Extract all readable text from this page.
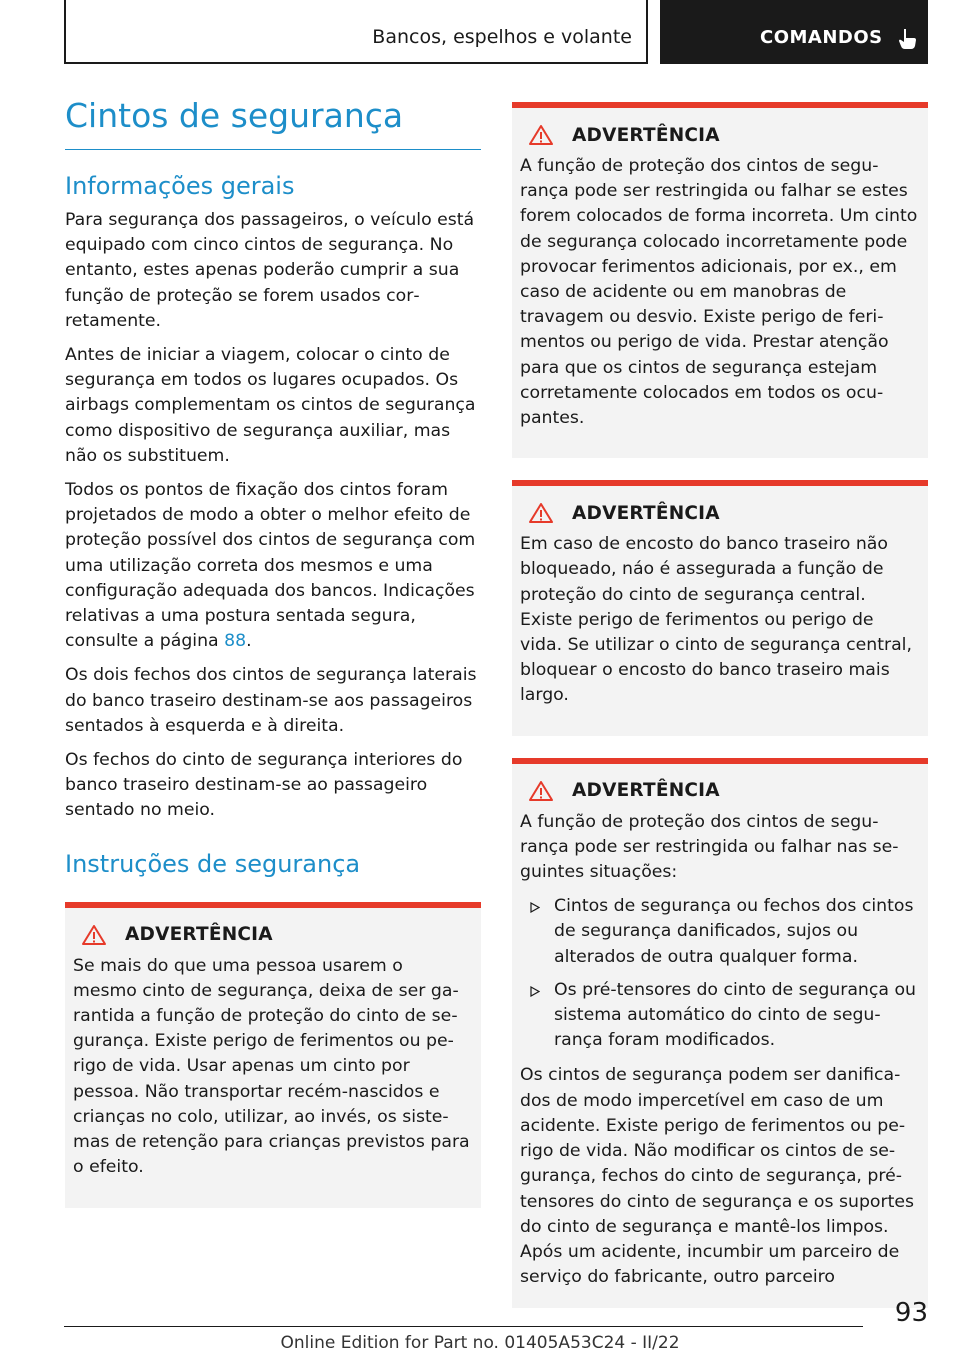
Bancos, espelhos e volante	COMANDOS
Cintos de segurança
Informações gerais

Para segurança dos passageiros, o veículo está equipado com cinco cintos de segurança. No entanto, estes apenas poderão cumprir a sua função de proteção se forem usados corretamente.

Antes de iniciar a viagem, colocar o cinto de segurança em todos os lugares ocupados. Os airbags complementam os cintos de segurança como dispositivo de segurança auxiliar, mas não os substituem.

Todos os pontos de fixação dos cintos foram projetados de modo a obter o melhor efeito de proteção possível dos cintos de segurança com uma utilização correta dos mesmos e uma configuração adequada dos bancos. Indicações relativas a uma postura sentada segura, consulte a página 88.

Os dois fechos dos cintos de segurança laterais do banco traseiro destinam-se aos passageiros sentados à esquerda e à direita.

Os fechos do cinto de segurança interiores do banco traseiro destinam-se ao passageiro sentado no meio.

Instruções de segurança
ADVERTÊNCIA

Se mais do que uma pessoa usarem o mesmo cinto de segurança, deixa de ser garantida a função de proteção do cinto de segurança. Existe perigo de ferimentos ou perigo de vida. Usar apenas um cinto por pessoa. Não transportar recém-nascidos e crianças no colo, utilizar, ao invés, os sistemas de retenção para crianças previstos para o efeito.

ADVERTÊNCIA

A função de proteção dos cintos de segurança pode ser restringida ou falhar se estes forem colocados de forma incorreta. Um cinto de segurança colocado incorretamente pode provocar ferimentos adicionais, por ex., em caso de acidente ou em manobras de travagem ou desvio. Existe perigo de ferimentos ou perigo de vida. Prestar atenção para que os cintos de segurança estejam corretamente colocados em todos os ocupantes.

ADVERTÊNCIA

Em caso de encosto do banco traseiro não bloqueado, náo é assegurada a função de proteção do cinto de segurança central. Existe perigo de ferimentos ou perigo de vida. Se utilizar o cinto de segurança central, bloquear o encosto do banco traseiro mais largo.

ADVERTÊNCIA

A função de proteção dos cintos de segurança pode ser restringida ou falhar nas seguintes situações:

Cintos de segurança ou fechos dos cintos de segurança danificados, sujos ou alterados de outra qualquer forma.
Os pré-tensores do cinto de segurança ou sistema automático do cinto de segurança foram modificados.

Os cintos de segurança podem ser danificados de modo impercetível em caso de um acidente. Existe perigo de ferimentos ou perigo de vida. Não modificar os cintos de segurança, fechos do cinto de segurança, pré-tensores do cinto de segurança e os suportes do cinto de segurança e mantê-los limpos. Após um acidente, incumbir um parceiro de serviço do fabricante, outro parceiro

93
Online Edition for Part no. 01405A53C24 - II/22
